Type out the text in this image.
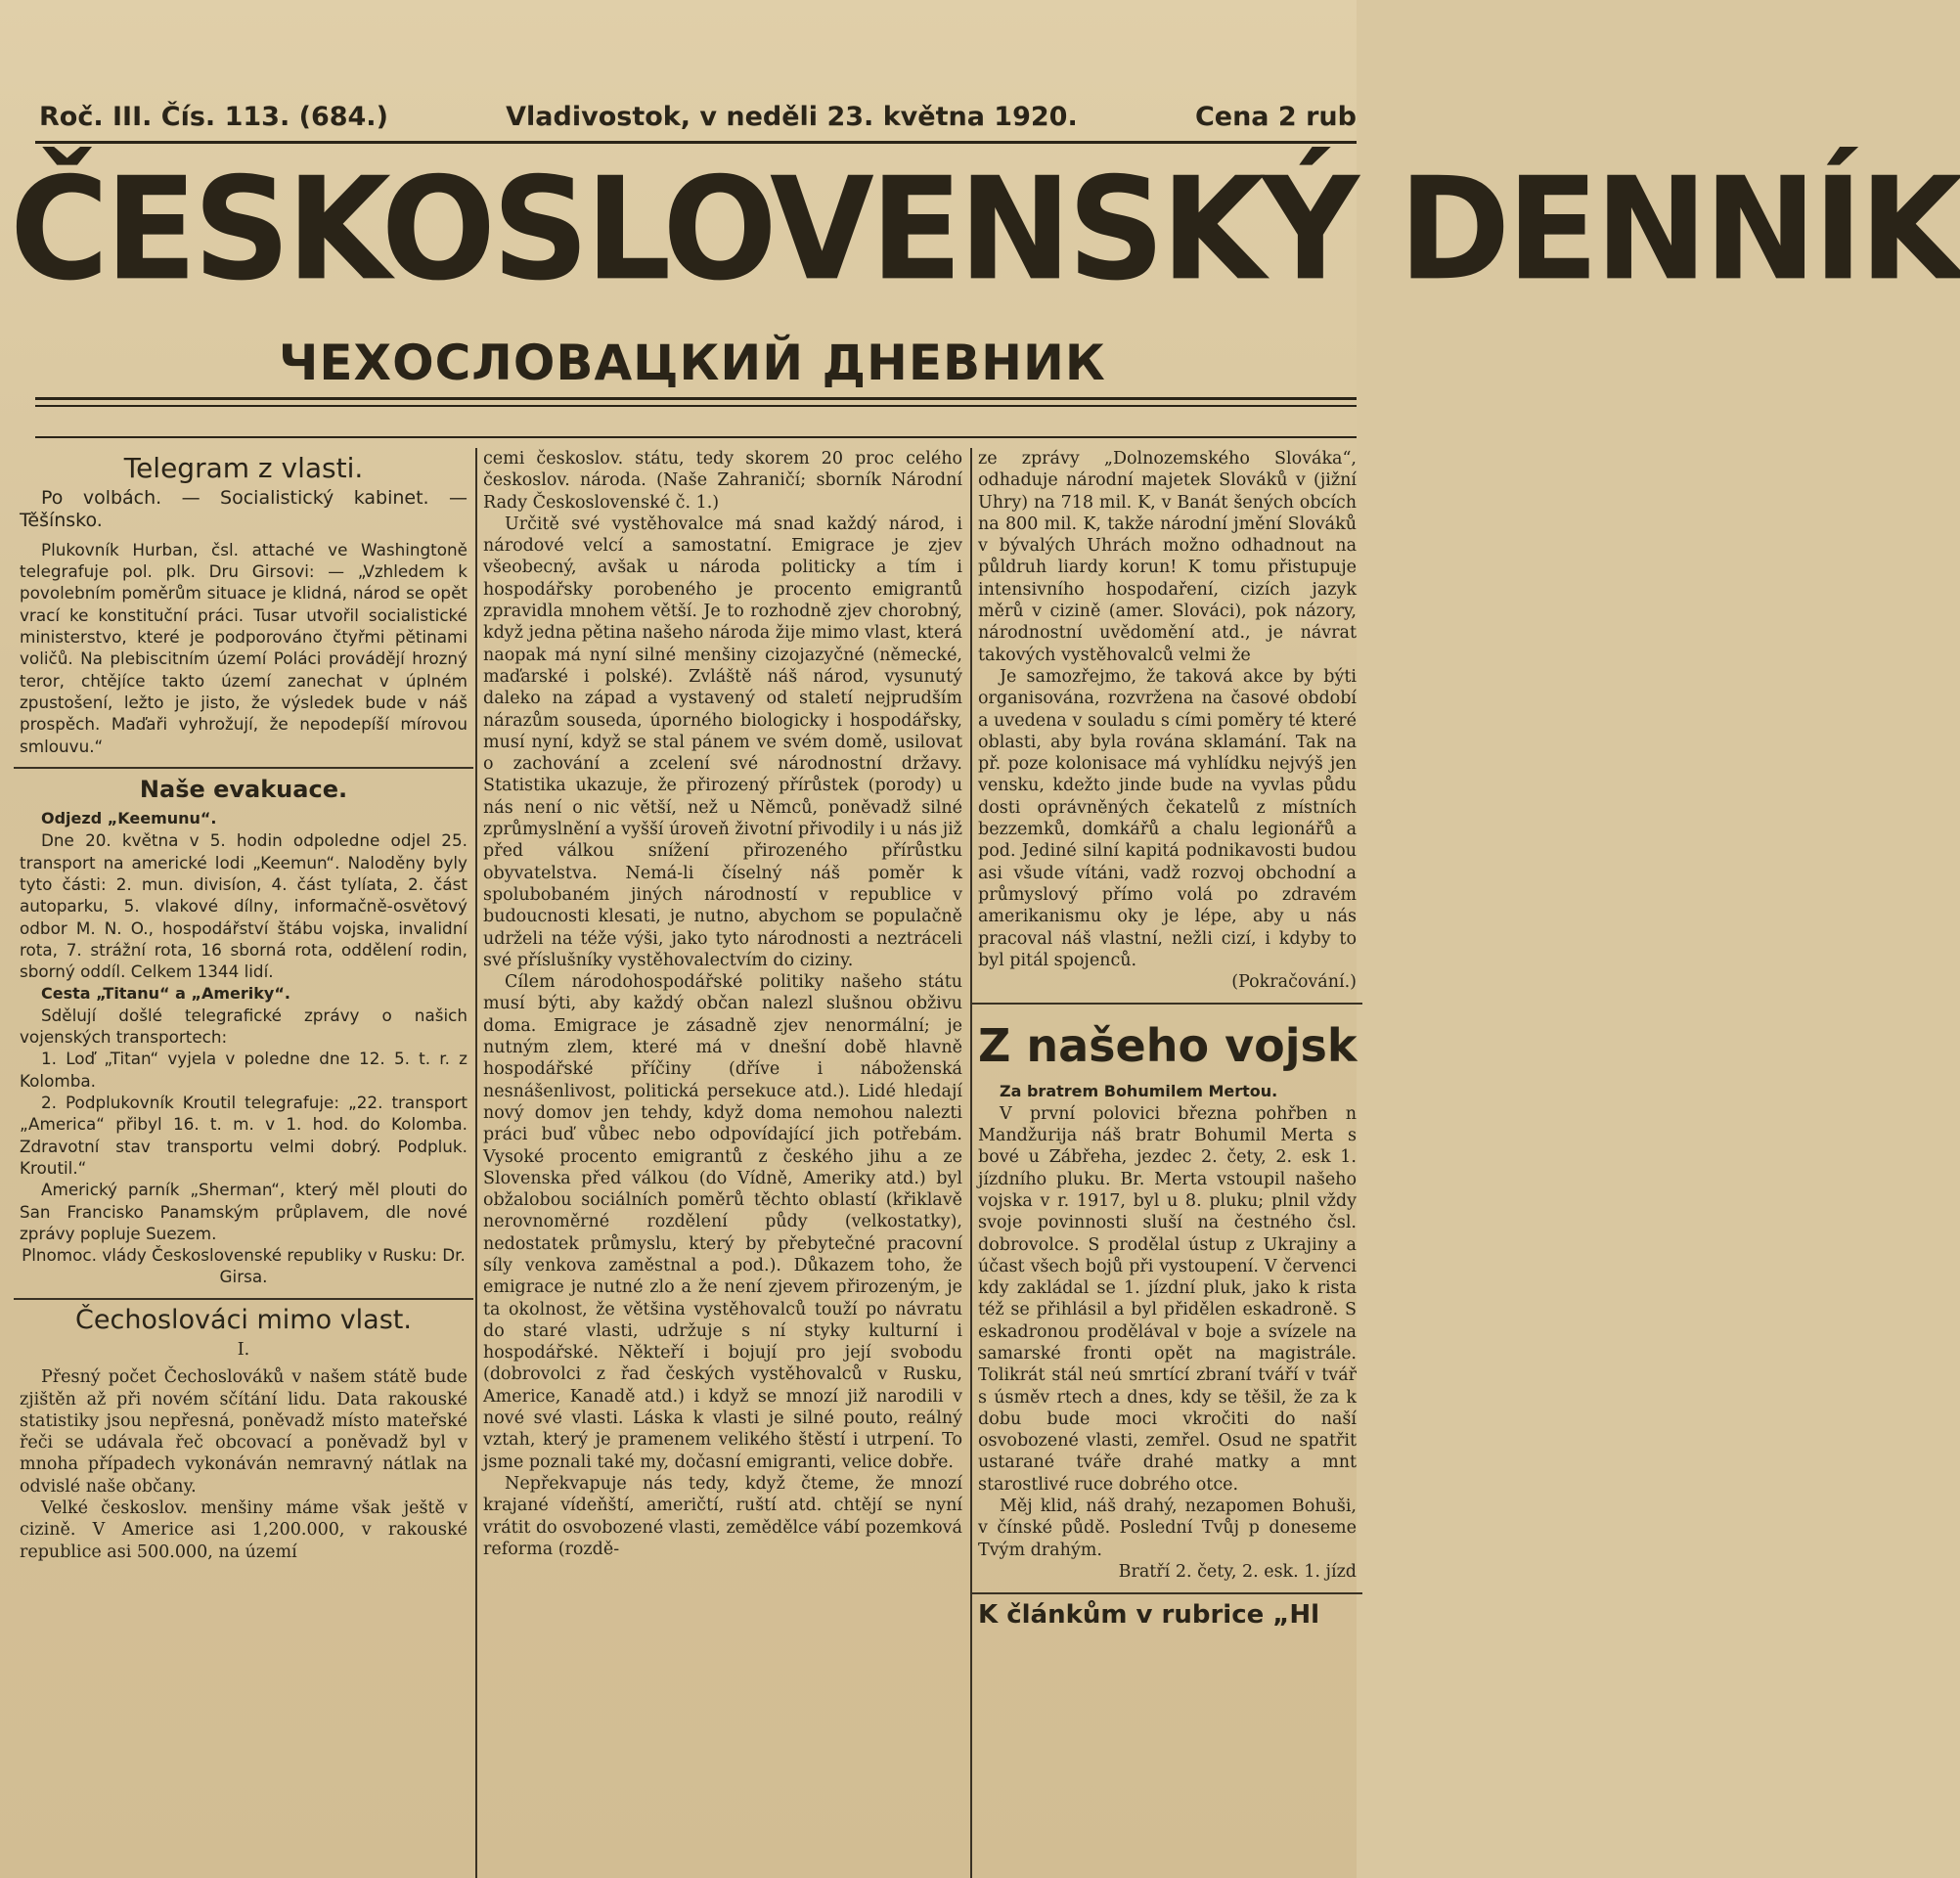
Roč. III. Čís. 113. (684.)	Vladivostok, v neděli 23. května 1920.	Cena 2 rub
ČESKOSLOVENSKÝ DENNÍK
ЧЕХОСЛОВАЦКИЙ ДНЕВНИК
Telegram z vlasti.

Po volbách. — Socialistický kabinet. — Těšínsko.

Plukovník Hurban, čsl. attaché ve Washingtoně telegrafuje pol. plk. Dru Girsovi: — „Vzhledem k povolebním poměrům situace je klidná, národ se opět vrací ke konstituční práci. Tusar utvořil socialistické ministerstvo, které je podporováno čtyřmi pětinami voličů. Na plebiscitním území Poláci provádějí hrozný teror, chtějíce takto území zanechat v úplném zpustošení, ležto je jisto, že výsledek bude v náš prospěch. Maďaři vyhrožují, že nepodepíší mírovou smlouvu.“

Naše evakuace.

Odjezd „Keemunu“.

Dne 20. května v 5. hodin odpoledne odjel 25. transport na americké lodi „Keemun“. Naloděny byly tyto části: 2. mun. divisíon, 4. část tylíata, 2. část autoparku, 5. vlakové dílny, informačně-osvětový odbor M. N. O., hospodářství štábu vojska, invalidní rota, 7. strážní rota, 16 sborná rota, oddělení rodin, sborný oddíl. Celkem 1344 lidí.

Cesta „Titanu“ a „Ameriky“.

Sdělují došlé telegrafické zprávy o našich vojenských transportech:

1. Loď „Titan“ vyjela v poledne dne 12. 5. t. r. z Kolomba.

2. Podplukovník Kroutil telegrafuje: „22. transport „America“ přibyl 16. t. m. v 1. hod. do Kolomba. Zdravotní stav transportu velmi dobrý. Podpluk. Kroutil.“

Americký parník „Sherman“, který měl plouti do San Francisko Panamským průplavem, dle nové zprávy popluje Suezem.

Plnomoc. vlády Československé republiky v Rusku: Dr. Girsa.

Čechoslováci mimo vlast.

I.

Přesný počet Čechoslováků v našem státě bude zjištěn až při novém sčítání lidu. Data rakouské statistiky jsou nepřesná, poněvadž místo mateřské řeči se udávala řeč obcovací a poněvadž byl v mnoha případech vykonáván nemravný nátlak na odvislé naše občany.

Velké českoslov. menšiny máme však ještě v cizině. V Americe asi 1,200.000, v rakouské republice asi 500.000, na území

cemi českoslov. státu, tedy skorem 20 proc celého českoslov. národa. (Naše Zahraničí; sborník Národní Rady Československé č. 1.)

Určitě své vystěhovalce má snad každý národ, i národové velcí a samostatní. Emigrace je zjev všeobecný, avšak u národa politicky a tím i hospodářsky porobeného je procento emigrantů zpravidla mnohem větší. Je to rozhodně zjev chorobný, když jedna pětina našeho národa žije mimo vlast, která naopak má nyní silné menšiny cizojazyčné (německé, maďarské i polské). Zvláště náš národ, vysunutý daleko na západ a vystavený od staletí nejprudším nárazům souseda, úporného biologicky i hospodářsky, musí nyní, když se stal pánem ve svém domě, usilovat o zachování a zcelení své národnostní državy. Statistika ukazuje, že přirozený přírůstek (porody) u nás není o nic větší, než u Němců, poněvadž silné zprůmyslnění a vyšší úroveň životní přivodily i u nás již před válkou snížení přirozeného přírůstku obyvatelstva. Nemá-li číselný náš poměr k spolubobaném jiných národností v republice v budoucnosti klesati, je nutno, abychom se populačně udrželi na téže výši, jako tyto národnosti a neztráceli své příslušníky vystěhovalectvím do ciziny.

Cílem národohospodářské politiky našeho státu musí býti, aby každý občan nalezl slušnou obživu doma. Emigrace je zásadně zjev nenormální; je nutným zlem, které má v dnešní době hlavně hospodářské příčiny (dříve i náboženská nesnášenlivost, politická persekuce atd.). Lidé hledají nový domov jen tehdy, když doma nemohou nalezti práci buď vůbec nebo odpovídající jich potřebám. Vysoké procento emigrantů z českého jihu a ze Slovenska před válkou (do Vídně, Ameriky atd.) byl obžalobou sociálních poměrů těchto oblastí (křiklavě nerovnoměrné rozdělení půdy (velkostatky), nedostatek průmyslu, který by přebytečné pracovní síly venkova zaměstnal a pod.). Důkazem toho, že emigrace je nutné zlo a že není zjevem přirozeným, je ta okolnost, že většina vystěhovalců touží po návratu do staré vlasti, udržuje s ní styky kulturní i hospodářské. Někteří i bojují pro její svobodu (dobrovolci z řad českých vystěhovalců v Rusku, Americe, Kanadě atd.) i když se mnozí již narodili v nové své vlasti. Láska k vlasti je silné pouto, reálný vztah, který je pramenem velikého štěstí i utrpení. To jsme poznali také my, dočasní emigranti, velice dobře.

Nepřekvapuje nás tedy, když čteme, že mnozí krajané vídeňští, američtí, ruští atd. chtějí se nyní vrátit do osvobozené vlasti, zemědělce vábí pozemková reforma (rozdě-

ze zprávy „Dolnozemského Slováka“, odhaduje národní majetek Slováků v (jižní Uhry) na 718 mil. K, v Banát šených obcích na 800 mil. K, takže národní jmění Slováků v bývalých Uhrách možno odhadnout na půldruh liardy korun! K tomu přistupuje intensivního hospodaření, cizích jazyk měrů v cizině (amer. Slováci), pok názory, národnostní uvědomění atd., je návrat takových vystěhovalců velmi že

Je samozřejmo, že taková akce by býti organisována, rozvržena na časové období a uvedena v souladu s cími poměry té které oblasti, aby byla rována sklamání. Tak na př. poze kolonisace má vyhlídku nejvýš jen vensku, kdežto jinde bude na vyvlas půdu dosti oprávněných čekatelů z místních bezzemků, domkářů a chalu legionářů a pod. Jediné silní kapitá podnikavosti budou asi všude vítáni, vadž rozvoj obchodní a průmyslový přímo volá po zdravém amerikanismu oky je lépe, aby u nás pracoval náš vlastní, nežli cizí, i kdyby to byl pitál spojenců.

(Pokračování.)

Z našeho vojsk

Za bratrem Bohumilem Mertou.

V první polovici března pohřben n Mandžurija náš bratr Bohumil Merta s bové u Zábřeha, jezdec 2. čety, 2. esk 1. jízdního pluku. Br. Merta vstoupil našeho vojska v r. 1917, byl u 8. pluku; plnil vždy svoje povinnosti sluší na čestného čsl. dobrovolce. S prodělal ústup z Ukrajiny a účast všech bojů při vystoupení. V červenci kdy zakládal se 1. jízdní pluk, jako k rista též se přihlásil a byl přidělen eskadroně. S eskadronou prodělával v boje a svízele na samarské fronti opět na magistrále. Tolikrát stál neú smrtící zbraní tváří v tvář s úsměv rtech a dnes, kdy se těšil, že za k dobu bude moci vkročiti do naší osvobozené vlasti, zemřel. Osud ne spatřit ustarané tváře drahé matky a mnt starostlivé ruce dobrého otce.

Měj klid, náš drahý, nezapomen Bohuši, v čínské půdě. Poslední Tvůj p doneseme Tvým drahým.

Bratří 2. čety, 2. esk. 1. jízd

K článkům v rubrice „Hl
